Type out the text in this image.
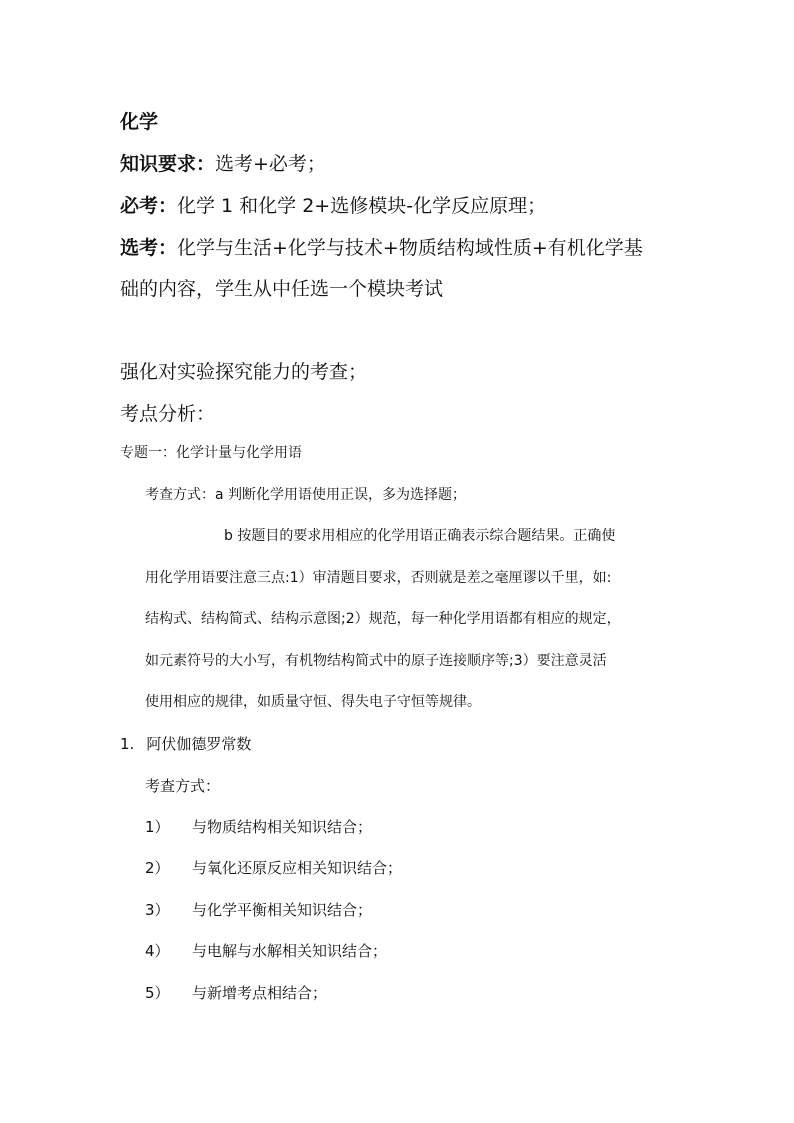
化学
知识要求：选考+必考；
必考：化学 1 和化学 2+选修模块-化学反应原理；
选考：化学与生活+化学与技术+物质结构域性质+有机化学基
础的内容，学生从中任选一个模块考试
强化对实验探究能力的考查；
考点分析：
专题一：化学计量与化学用语
考查方式：a 判断化学用语使用正误，多为选择题；
b 按题目的要求用相应的化学用语正确表示综合题结果。正确使
用化学用语要注意三点:1）审清题目要求，否则就是差之毫厘谬以千里，如:
结构式、结构简式、结构示意图;2）规范，每一种化学用语都有相应的规定，
如元素符号的大小写，有机物结构简式中的原子连接顺序等;3）要注意灵活
使用相应的规律，如质量守恒、得失电子守恒等规律。
1. 阿伏伽德罗常数
考查方式：
1） 与物质结构相关知识结合；
2） 与氧化还原反应相关知识结合；
3） 与化学平衡相关知识结合；
4） 与电解与水解相关知识结合；
5） 与新增考点相结合；
